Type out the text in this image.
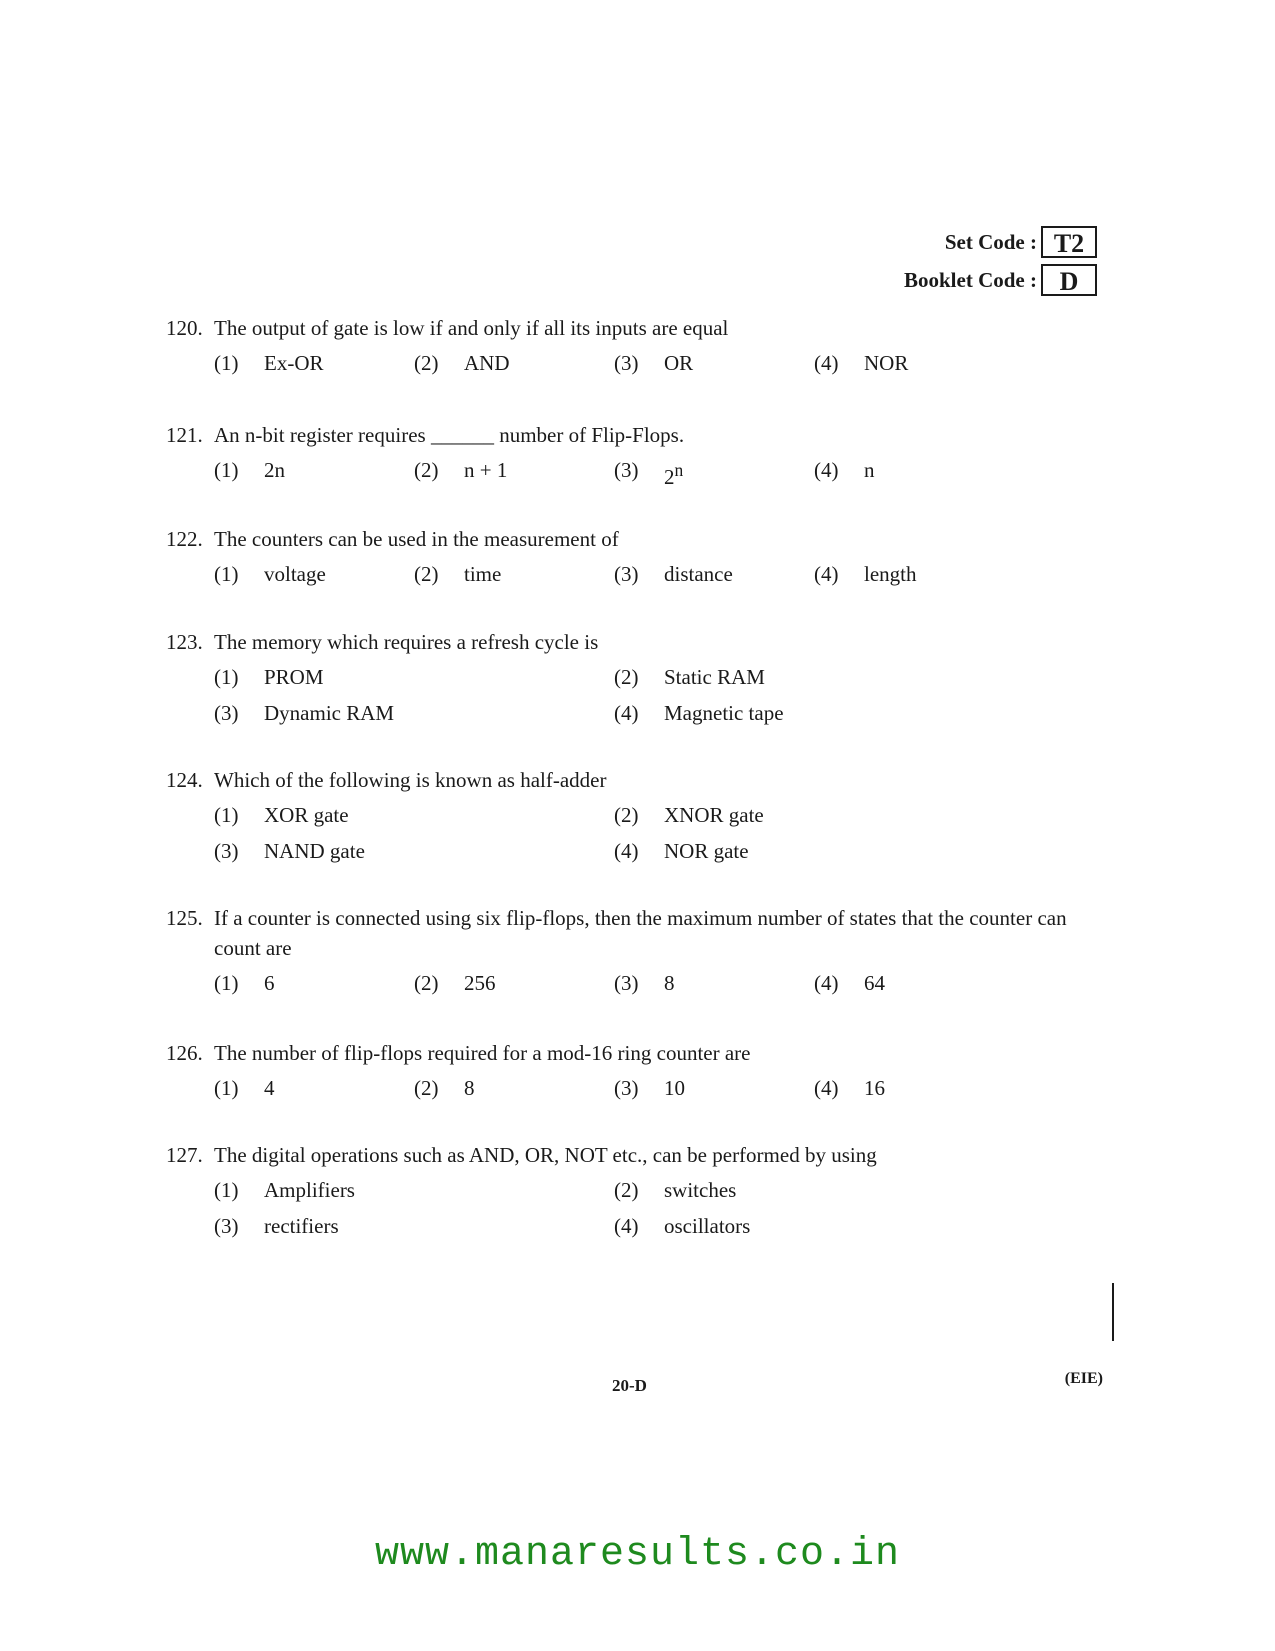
Set Code : T2
Booklet Code : D
120. The output of gate is low if and only if all its inputs are equal
(1)	Ex-OR	(2)	AND	(3)	OR	(4)	NOR
121. An n-bit register requires ______ number of Flip-Flops.
(1)	2n	(2)	n + 1	(3)	2$^n$	(4)	n
122. The counters can be used in the measurement of
(1)	voltage	(2)	time	(3)	distance	(4)	length
123. The memory which requires a refresh cycle is
(1)	PROM	(2)	Static RAM
(3)	Dynamic RAM	(4)	Magnetic tape
124. Which of the following is known as half-adder
(1)	XOR gate	(2)	XNOR gate
(3)	NAND gate	(4)	NOR gate
125. If a counter is connected using six flip-flops, then the maximum number of states that the counter can count are
(1)	6	(2)	256	(3)	8	(4)	64
126. The number of flip-flops required for a mod-16 ring counter are
(1)	4	(2)	8	(3)	10	(4)	16
127. The digital operations such as AND, OR, NOT etc., can be performed by using
(1)	Amplifiers	(2)	switches
(3)	rectifiers	(4)	oscillators
20-D	(EIE)
www.manaresults.co.in
